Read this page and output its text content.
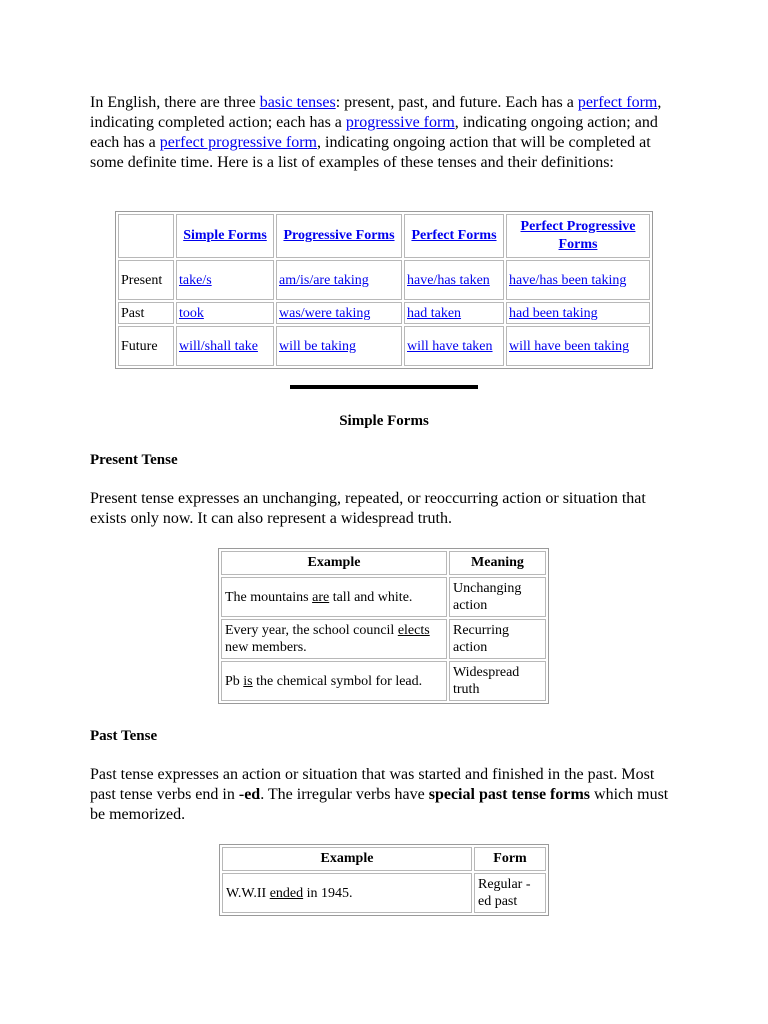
In English, there are three basic tenses: present, past, and future. Each has a perfect form, indicating completed action; each has a progressive form, indicating ongoing action; and each has a perfect progressive form, indicating ongoing action that will be completed at some definite time. Here is a list of examples of these tenses and their definitions:

	Simple Forms	Progressive Forms	Perfect Forms	Perfect Progressive Forms
Present	take/s	am/is/are taking	have/has taken	have/has been taking
Past	took	was/were taking	had taken	had been taking
Future	will/shall take	will be taking	will have taken	will have been taking
Simple Forms
Present Tense

Present tense expresses an unchanging, repeated, or reoccurring action or situation that exists only now. It can also represent a widespread truth.

Example	Meaning
The mountains are tall and white.	Unchanging action
Every year, the school council elects new members.	Recurring action
Pb is the chemical symbol for lead.	Widespread truth
Past Tense

Past tense expresses an action or situation that was started and finished in the past. Most past tense verbs end in -ed. The irregular verbs have special past tense forms which must be memorized.

Example	Form
W.W.II ended in 1945.	Regular -ed past
